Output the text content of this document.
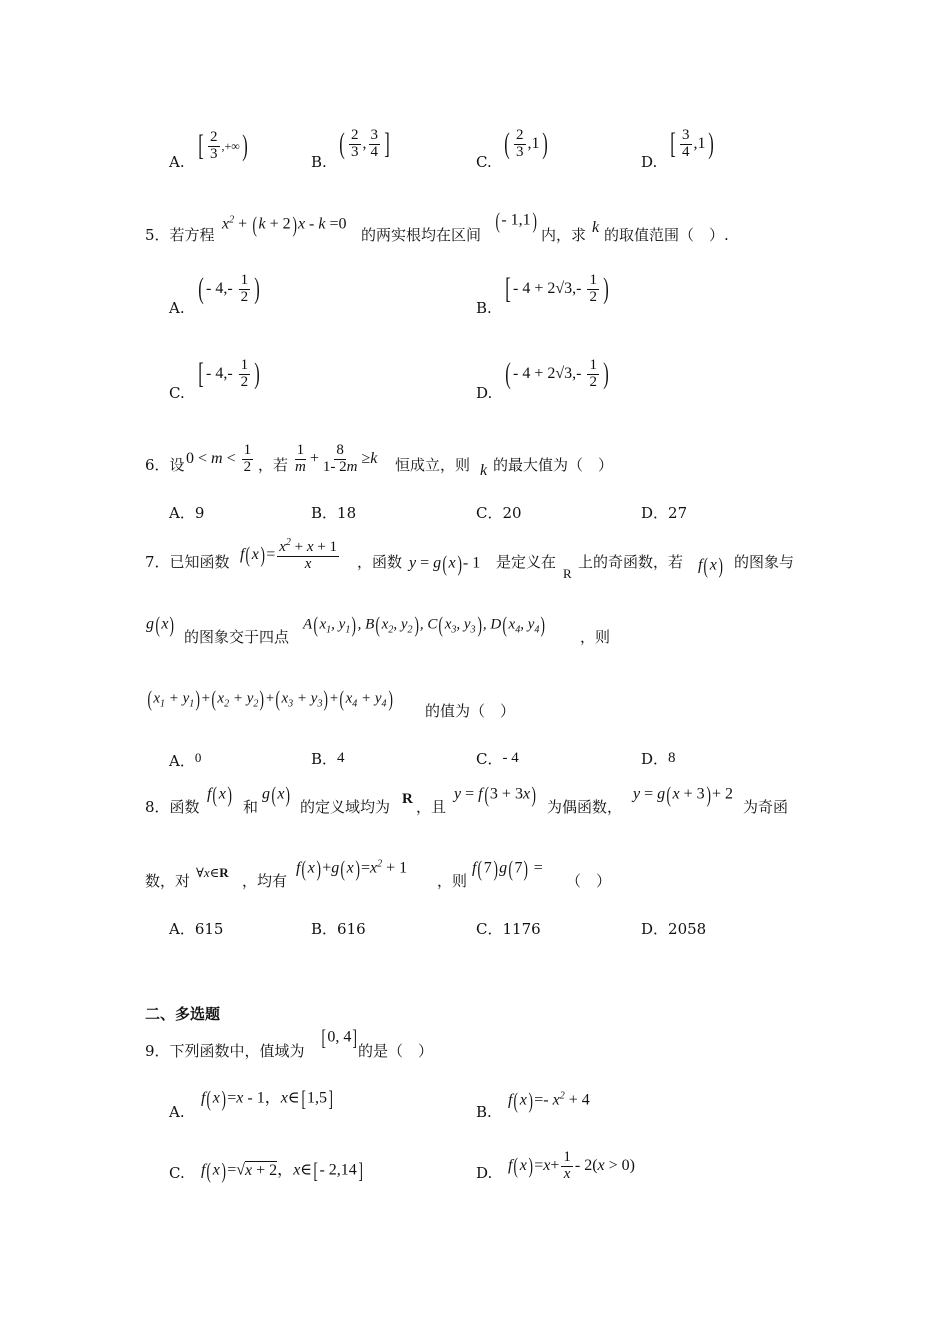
A. [ $\frac{2}{3}$ ,+∞)	B.
( $\frac{2}{3}$ , $\frac{3}{4}$ ]
C.
( $\frac{2}{3} ,1$)
D.
[ $\frac{3}{4} ,1$)
5．若方程
$x^2 + (k + 2)x - k =0$
的两实根均在区间
(- 1,1)
内，求 k 的取值范围（　）.
A.
( - $4,- \frac{1}{2}$ )
B.
[ - $4 + 2√3,- \frac{1}{2}$ )
C.
[ - $4,- \frac{1}{2}$ )
D.
( - $4 + 2√3,- \frac{1}{2}$ )
6．设 $0 < m < \frac{1}{2}$ ，若 $\frac{1}{m} + \frac{8}{1- 2m} \ge k$ 恒成立，则 k 的最大值为（　）
A．9	B．18	C．20	D．27
7．已知函数 $f(x)= \frac{x^2 + x + 1}{x}$ ，函数 y = g(x)- 1 是定义在
R
上的奇函数，若 f(x) 的图象与
g(x) 的图象交于四点
$A(x_1$, $y_1$), $B(x_2$, $y_2$), $C(x_3$, $y_3$), $D(x_4$, $y_4$) ，则
$(x_1 + y_1)+(x_2 + y_2)+(x_3 + y_3)+(x_4 + y_4)$ 的值为（　）
A．0	B．4	C．- 4	D．8
8．函数
f(x) 和
g(x) 的定义域均为 R ，且
y = f(3 + 3x) 为偶函数，
y = g(x + 3)+ 2
为奇函
数，对 ∀x∈R ，均有
$f(x)+g(x)=x^2 + 1$
，则
f(7)g(7) =
（　）
A．615	B．616	C．1176	D．2058
二、多选题
9．下列函数中，值域为
[0, 4]
的是（　）
A.
f(x)=x - 1，x∈[1,5]
B.
f(x)=- $x^2 + 4$
C. f(x)=√x + 2，x∈[- 2,14]	D. $f(x)=x+ \frac{1}{x} - 2(x > 0)$
